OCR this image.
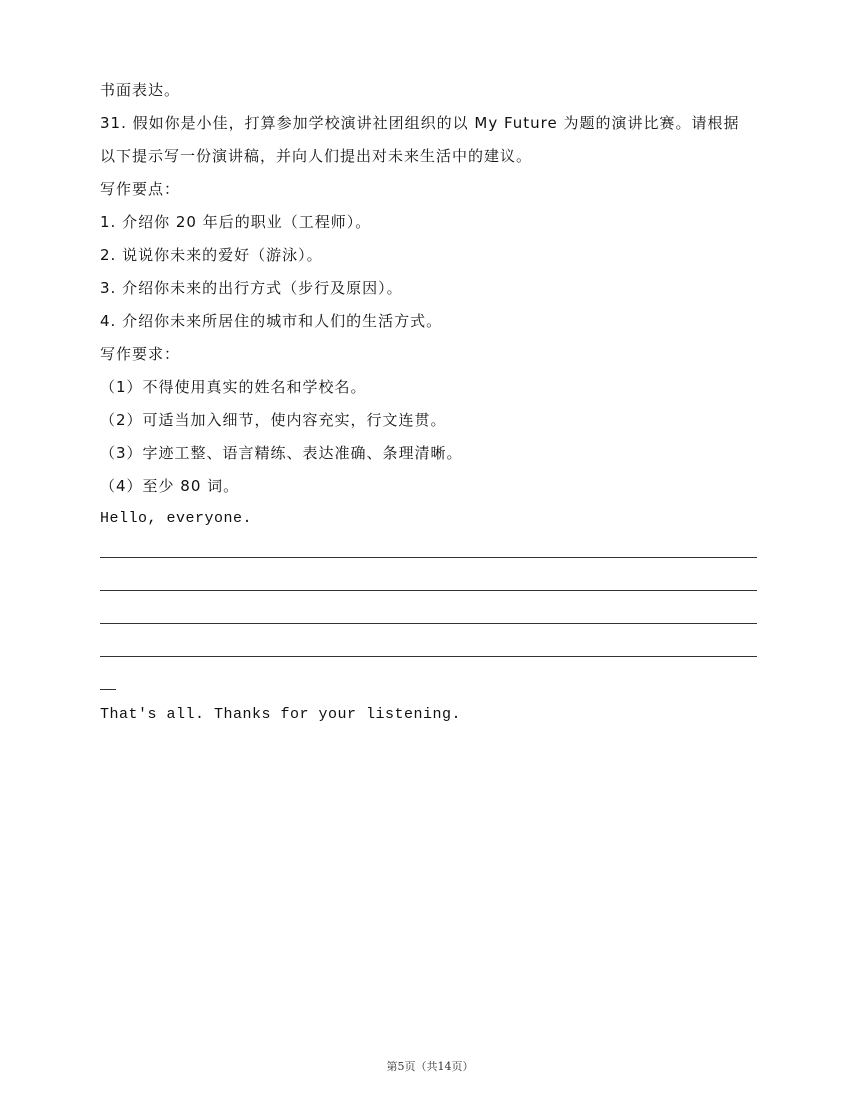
书面表达。
31. 假如你是小佳，打算参加学校演讲社团组织的以 My Future 为题的演讲比赛。请根据
以下提示写一份演讲稿，并向人们提出对未来生活中的建议。
写作要点：
1. 介绍你 20 年后的职业（工程师）。
2. 说说你未来的爱好（游泳）。
3. 介绍你未来的出行方式（步行及原因）。
4. 介绍你未来所居住的城市和人们的生活方式。
写作要求：
（1）不得使用真实的姓名和学校名。
（2）可适当加入细节，使内容充实，行文连贯。
（3）字迹工整、语言精练、表达准确、条理清晰。
（4）至少 80 词。
Hello, everyone.
That's all. Thanks for your listening.
第5页（共14页）
